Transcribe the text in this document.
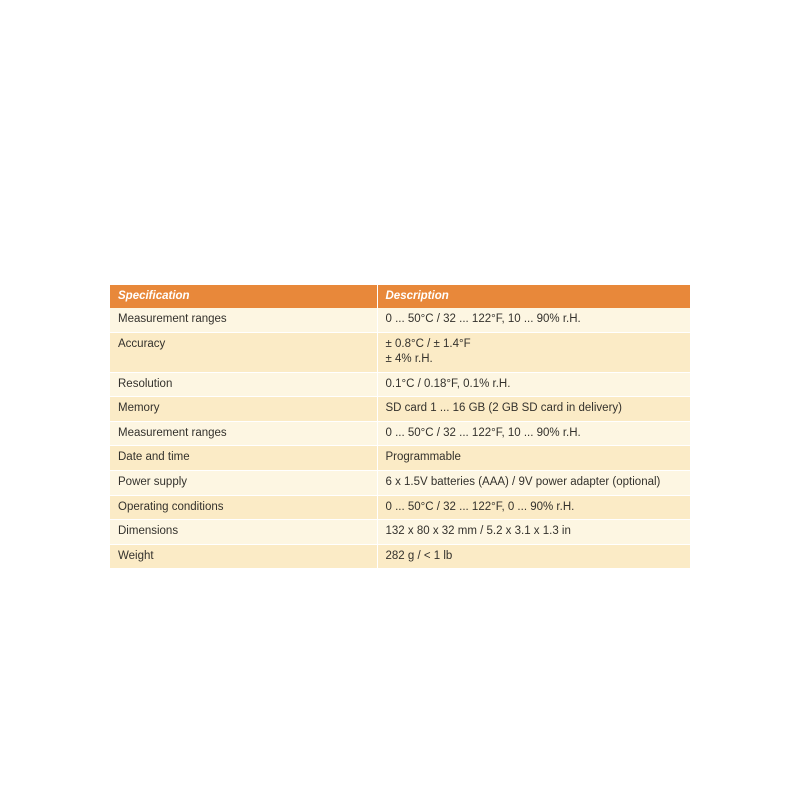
Specification	Description
Measurement ranges	0 ... 50°C / 32 ... 122°F, 10 ... 90% r.H.

Accuracy	± 0.8°C / ± 1.4°F
± 4% r.H.

Resolution	0.1°C / 0.18°F, 0.1% r.H.

Memory	SD card 1 ... 16 GB (2 GB SD card in delivery)

Measurement ranges	0 ... 50°C / 32 ... 122°F, 10 ... 90% r.H.

Date and time	Programmable

Power supply	6 x 1.5V batteries (AAA) / 9V power adapter (optional)

Operating conditions	0 ... 50°C / 32 ... 122°F, 0 ... 90% r.H.

Dimensions	132 x 80 x 32 mm / 5.2 x 3.1 x 1.3 in

Weight	282 g / < 1 lb
